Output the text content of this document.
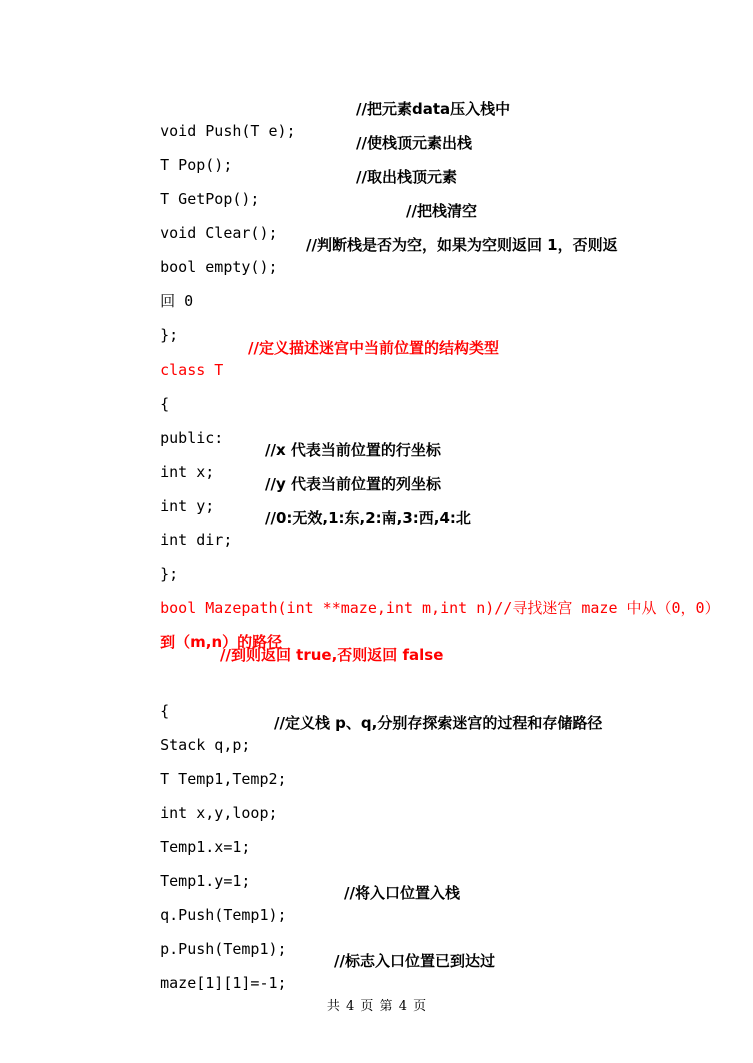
void Push(T e);

//把元素data压入栈中

T Pop();

//使栈顶元素出栈

T GetPop();

//取出栈顶元素

void Clear();

//把栈清空

bool empty();

//判断栈是否为空，如果为空则返回 1，否则返

回 0

};

class T

//定义描述迷宫中当前位置的结构类型

{

public:

int x;

//x 代表当前位置的行坐标

int y;

//y 代表当前位置的列坐标

int dir;

//0:无效,1:东,2:南,3:西,4:北

};

bool Mazepath(int **maze,int m,int n)//寻找迷宫 maze 中从（0，0）

到（m,n）的路径

//到则返回 true,否则返回 false

{

Stack q,p;

//定义栈 p、q,分别存探索迷宫的过程和存储路径

T Temp1,Temp2;

int x,y,loop;

Temp1.x=1;

Temp1.y=1;

q.Push(Temp1);

//将入口位置入栈

p.Push(Temp1);

maze[1][1]=-1;

//标志入口位置已到达过

共 4 页 第 4 页
